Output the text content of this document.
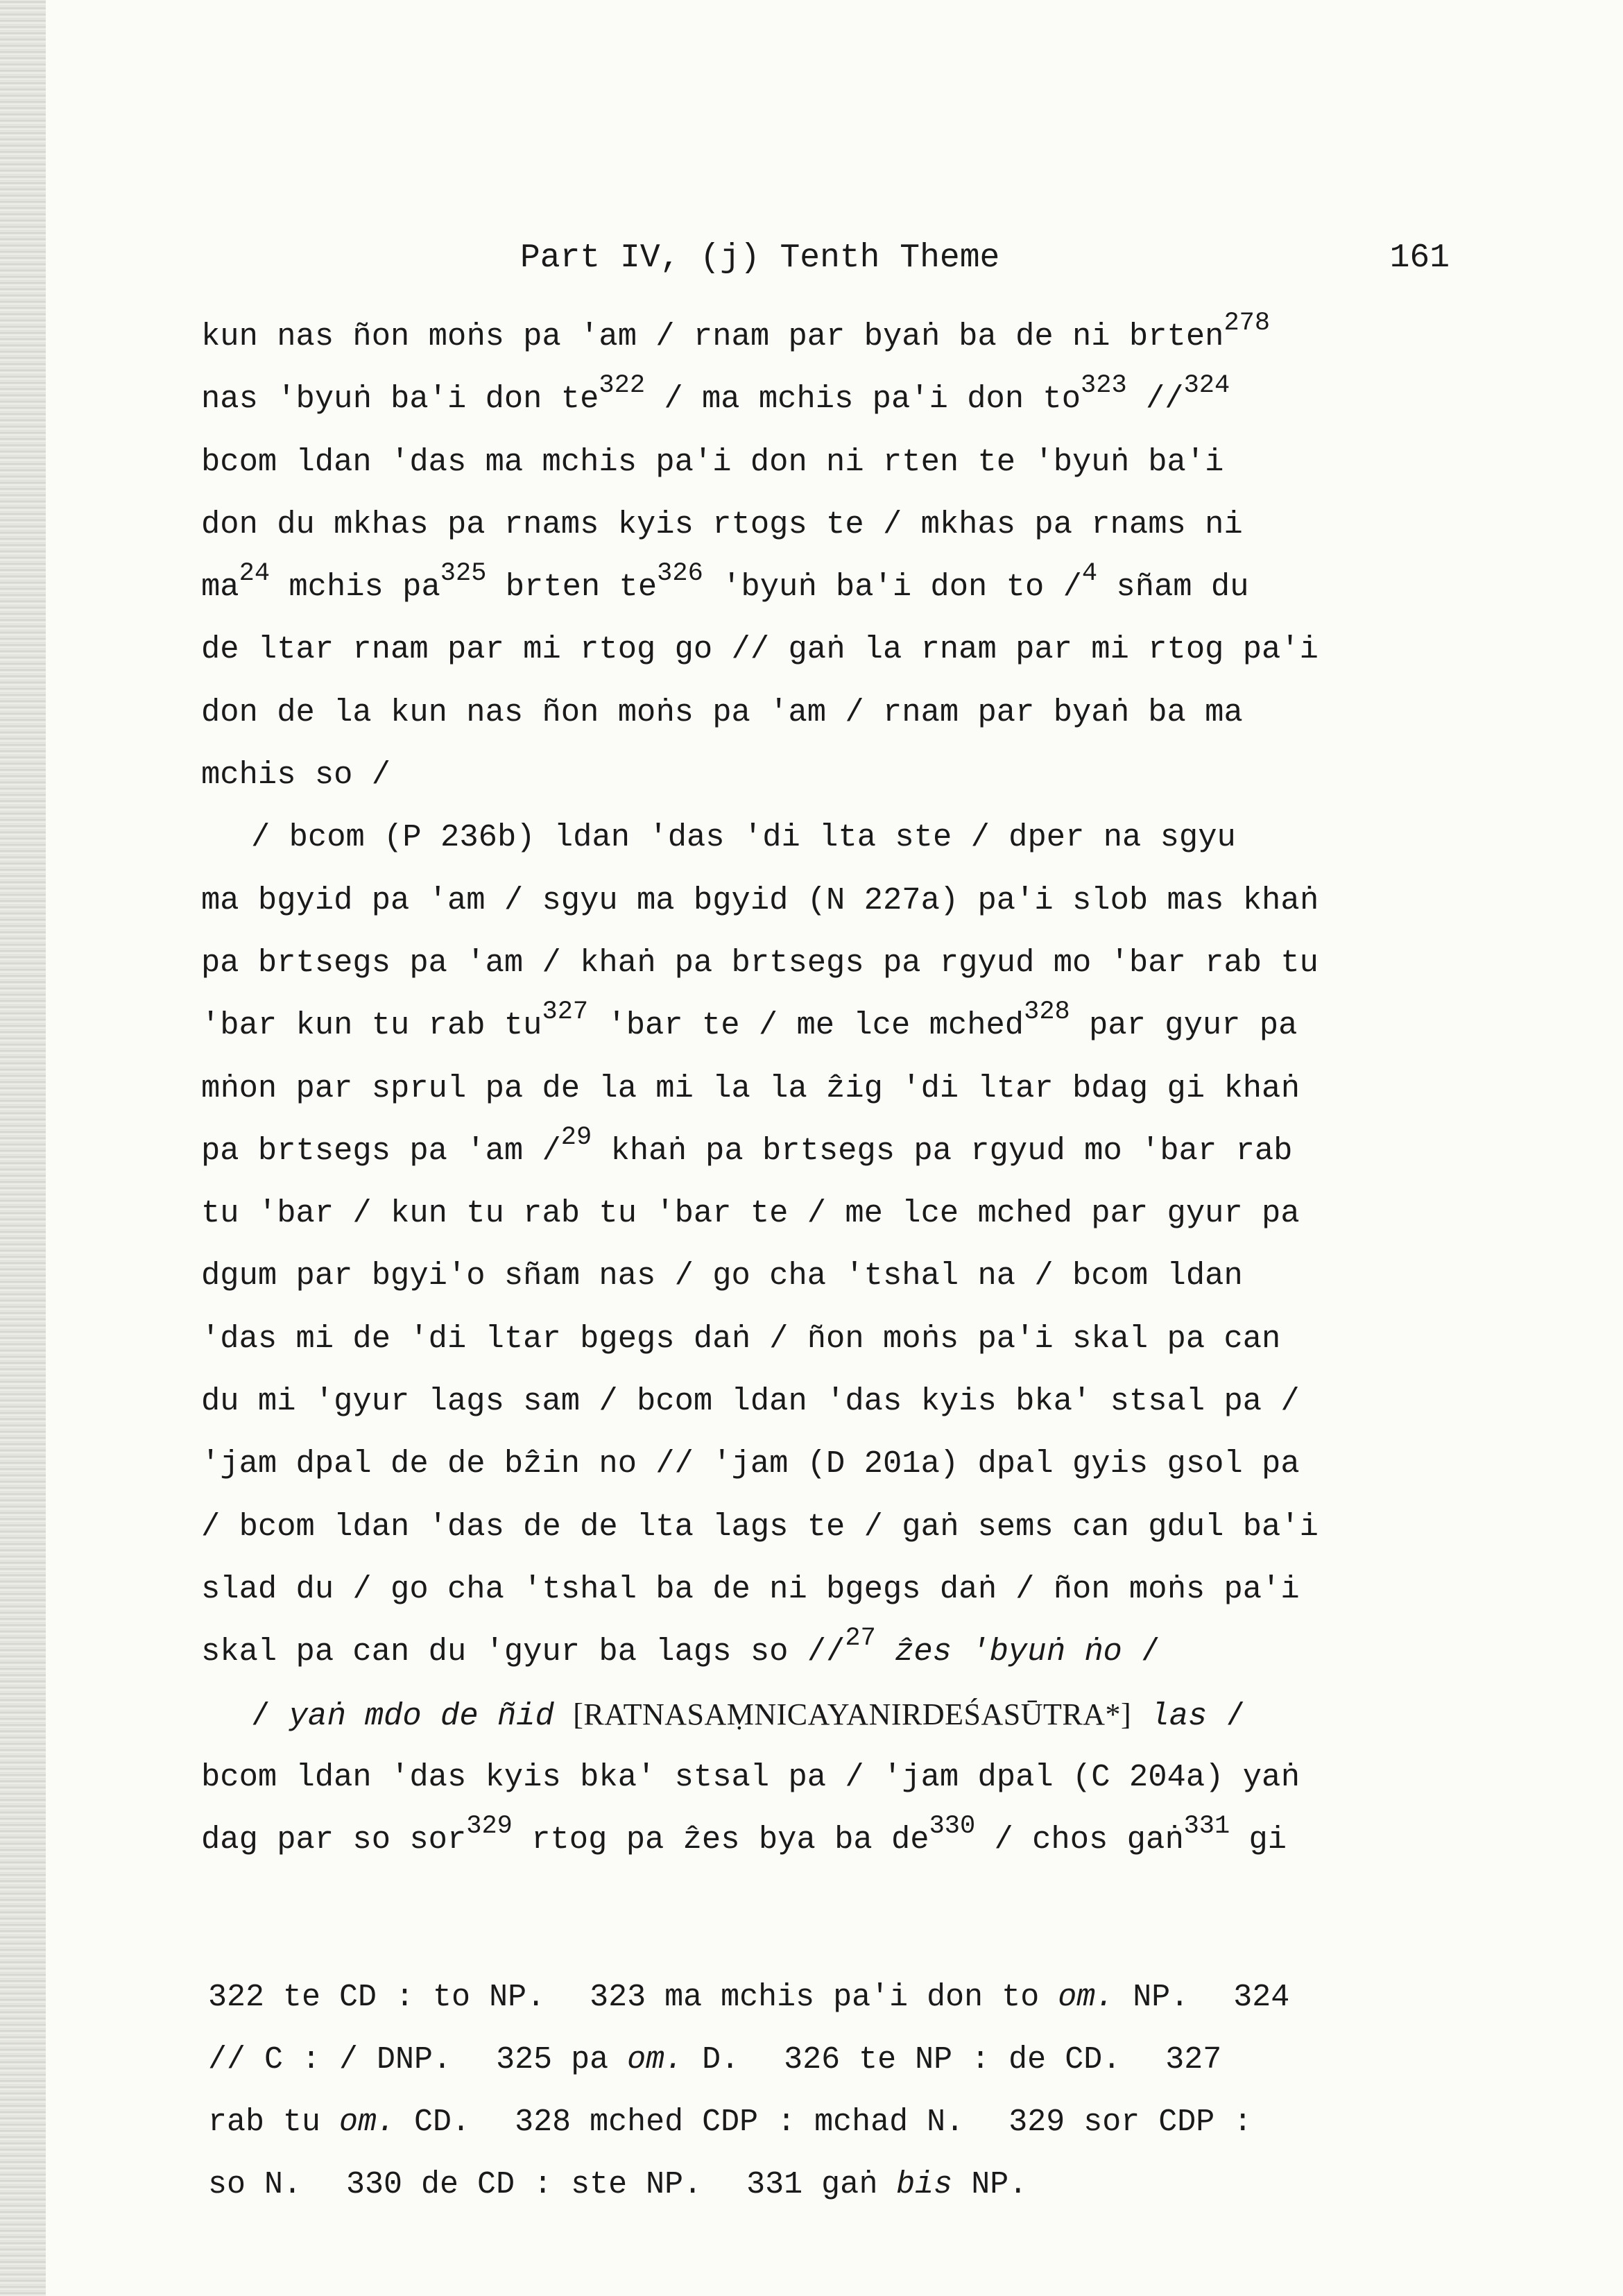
Part IV, (j) Tenth Theme	161
kun nas ñon moṅs pa 'am / rnam par byaṅ ba de ni brten$^{278}$
nas 'byuṅ ba'i don $te^{322}$ / ma mchis pa'i don $to^{323}$ //$^{324}$
bcom ldan 'das ma mchis pa'i don ni rten te 'byuṅ ba'i
don du mkhas pa rnams kyis rtogs te / mkhas pa rnams ni
$ma^{24}$ mchis $pa^{325}$ brten $te^{326}$ 'byuṅ ba'i don to /$^4$ sñam du
de ltar rnam par mi rtog go // gaṅ la rnam par mi rtog pa'i
don de la kun nas ñon moṅs pa 'am / rnam par byaṅ ba ma
mchis so /
/ bcom (P 236b) ldan 'das 'di lta ste / dper na sgyu
ma bgyid pa 'am / sgyu ma bgyid (N 227a) pa'i slob mas khaṅ
pa brtsegs pa 'am / khaṅ pa brtsegs pa rgyud mo 'bar rab tu
'bar kun tu rab $tu^{327}$ 'bar te / me lce mched$^{328}$ par gyur pa
mṅon par sprul pa de la mi la la ẑig 'di ltar bdag gi khaṅ
pa brtsegs pa 'am /$^{29}$ khaṅ pa brtsegs pa rgyud mo 'bar rab
tu 'bar / kun tu rab tu 'bar te / me lce mched par gyur pa
dgum par bgyi'o sñam nas / go cha 'tshal na / bcom ldan
'das mi de 'di ltar bgegs daṅ / ñon moṅs pa'i skal pa can
du mi 'gyur lags sam / bcom ldan 'das kyis bka' stsal pa /
'jam dpal de de bẑin no // 'jam (D 201a) dpal gyis gsol pa
/ bcom ldan 'das de de lta lags te / gaṅ sems can gdul ba'i
slad du / go cha 'tshal ba de ni bgegs daṅ / ñon moṅs pa'i
skal pa can du 'gyur ba lags so //$^{27}$ ẑes 'byuṅ ṅo /
/ yaṅ mdo de ñid [RATNASAṂNICAYANIRDEŚASŪTRA*] las /
bcom ldan 'das kyis bka' stsal pa / 'jam dpal (C 204a) yaṅ
dag par so sor$^{329}$ rtog pa ẑes bya ba $de^{330}$ / chos gaṅ$^{331}$ gi
322 te CD : to NP. 323 ma mchis pa'i don to om. NP. 324
// C : / DNP. 325 pa om. D. 326 te NP : de CD. 327
rab tu om. CD. 328 mched CDP : mchad N. 329 sor CDP :
so N. 330 de CD : ste NP. 331 gaṅ bis NP.
